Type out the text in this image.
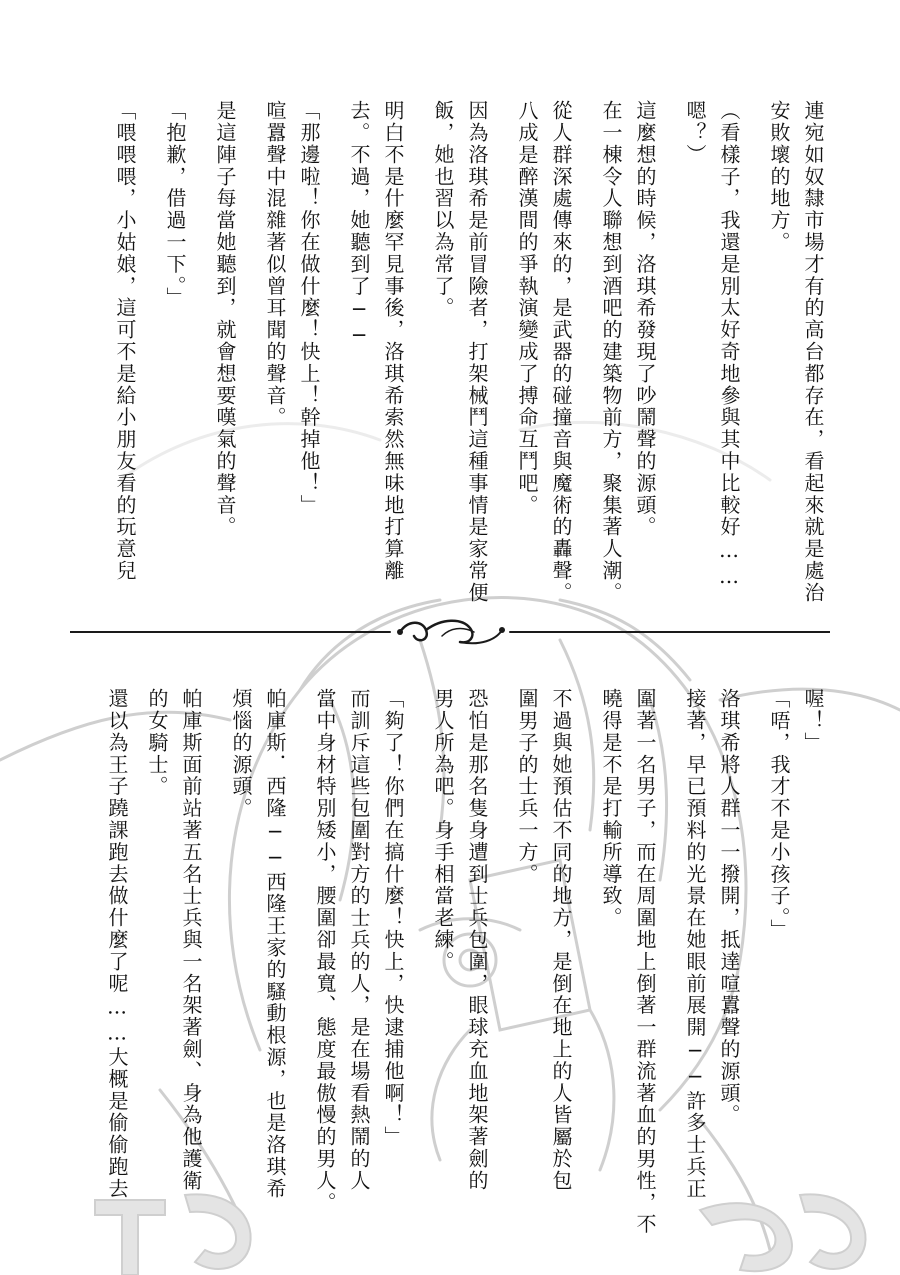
連宛如奴隸市場才有的高台都存在，看起來就是處治
安敗壞的地方。
（看樣子，我還是別太好奇地參與其中比較好……
嗯？）
這麼想的時候，洛琪希發現了吵鬧聲的源頭。
在一棟令人聯想到酒吧的建築物前方，聚集著人潮。
從人群深處傳來的，是武器的碰撞音與魔術的轟聲。
八成是醉漢間的爭執演變成了搏命互鬥吧。
因為洛琪希是前冒險者，打架械鬥這種事情是家常便
飯，她也習以為常了。
明白不是什麼罕見事後，洛琪希索然無味地打算離
去。不過，她聽到了──
「那邊啦！你在做什麼！快上！幹掉他！」
喧囂聲中混雜著似曾耳聞的聲音。
是這陣子每當她聽到，就會想要嘆氣的聲音。
「抱歉，借過一下。」
「喂喂喂，小姑娘，這可不是給小朋友看的玩意兒
喔！」
「唔，我才不是小孩子。」
洛琪希將人群一一撥開，抵達喧囂聲的源頭。
接著，早已預料的光景在她眼前展開──許多士兵正
圍著一名男子，而在周圍地上倒著一群流著血的男性，不
曉得是不是打輸所導致。
不過與她預估不同的地方，是倒在地上的人皆屬於包
圍男子的士兵一方。
恐怕是那名隻身遭到士兵包圍，眼球充血地架著劍的
男人所為吧。身手相當老練。
「夠了！你們在搞什麼！快上，快逮捕他啊！」
而訓斥這些包圍對方的士兵的人，是在場看熱鬧的人
當中身材特別矮小，腰圍卻最寬、態度最傲慢的男人。
帕庫斯．西隆──西隆王家的騷動根源，也是洛琪希
煩惱的源頭。
帕庫斯面前站著五名士兵與一名架著劍、身為他護衛
的女騎士。
還以為王子蹺課跑去做什麼了呢……大概是偷偷跑去
